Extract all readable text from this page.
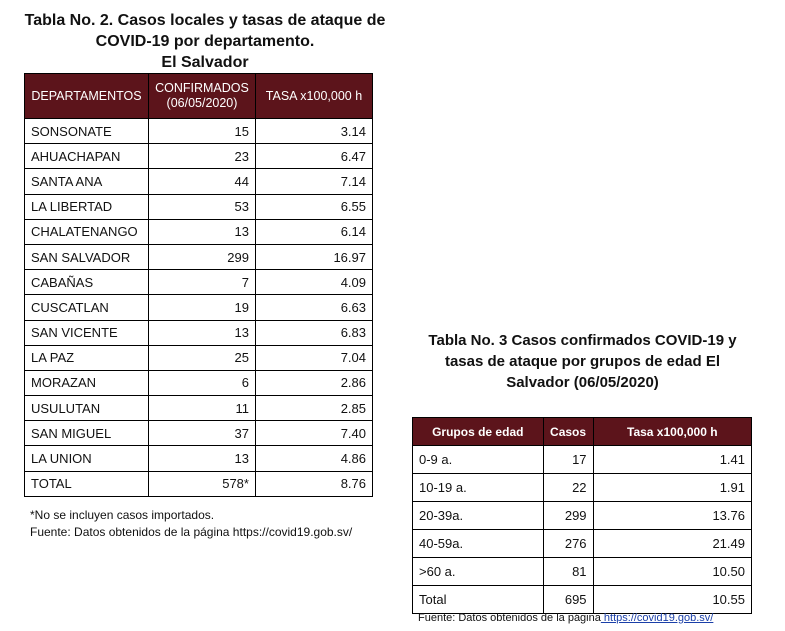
Tabla No. 2. Casos locales y tasas de ataque de
COVID-19 por departamento.
El Salvador
DEPARTAMENTOS	CONFIRMADOS (06/05/2020)	TASA x100,000 h
SONSONATE	15	3.14
AHUACHAPAN	23	6.47
SANTA ANA	44	7.14
LA LIBERTAD	53	6.55
CHALATENANGO	13	6.14
SAN SALVADOR	299	16.97
CABAÑAS	7	4.09
CUSCATLAN	19	6.63
SAN VICENTE	13	6.83
LA PAZ	25	7.04
MORAZAN	6	2.86
USULUTAN	11	2.85
SAN MIGUEL	37	7.40
LA UNION	13	4.86
TOTAL	578*	8.76
*No se incluyen casos importados.
Fuente: Datos obtenidos de la página https://covid19.gob.sv/
Tabla No. 3 Casos confirmados COVID-19 y
tasas de ataque por grupos de edad El
Salvador (06/05/2020)
Grupos de edad	Casos	Tasa x100,000 h
0-9 a.	17	1.41
10-19 a.	22	1.91
20-39a.	299	13.76
40-59a.	276	21.49
>60 a.	81	10.50
Total	695	10.55
Fuente: Datos obtenidos de la página https://covid19.gob.sv/
